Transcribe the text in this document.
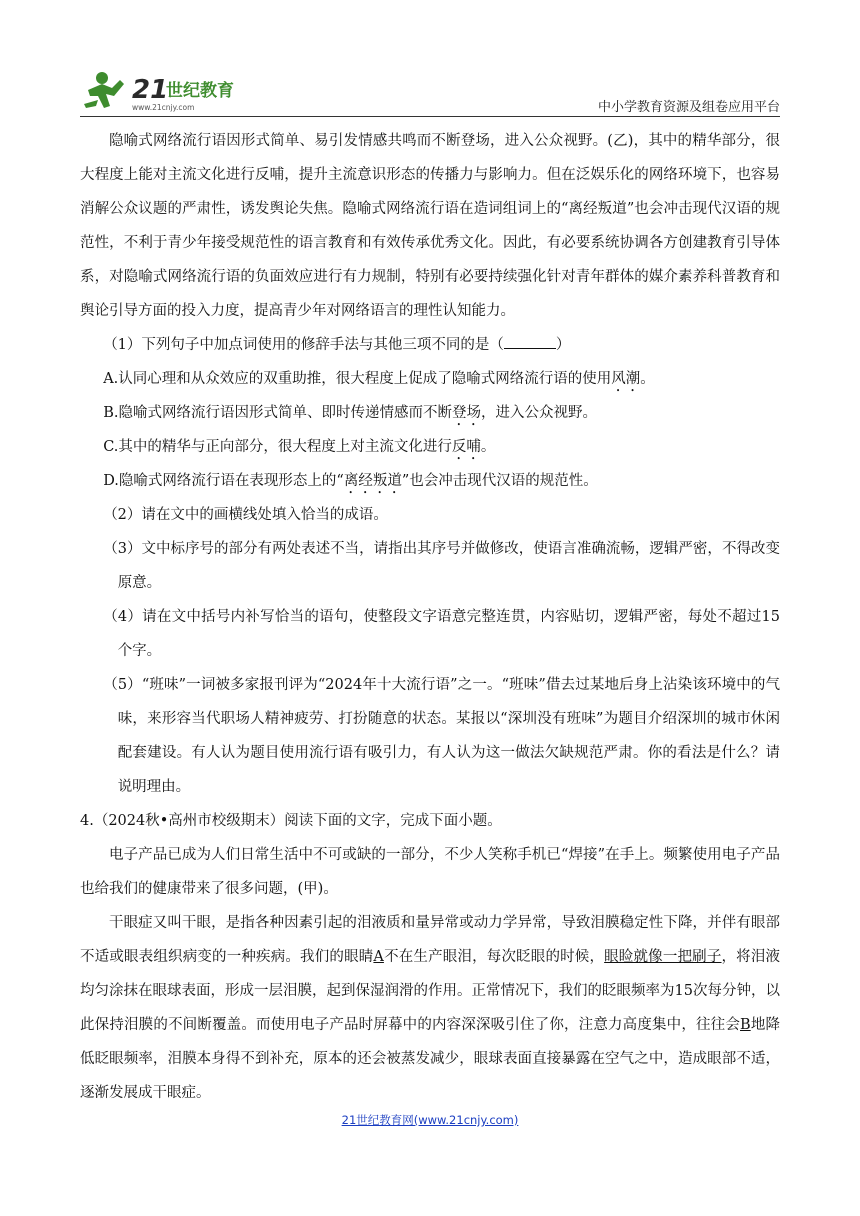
21
世纪教育
www.21cnjy.com	中小学教育资源及组卷应用平台

隐喻式网络流行语因形式简单、易引发情感共鸣而不断登场，进入公众视野。(乙)，其中的精华部分，很大程度上能对主流文化进行反哺，提升主流意识形态的传播力与影响力。但在泛娱乐化的网络环境下，也容易消解公众议题的严肃性，诱发舆论失焦。隐喻式网络流行语在造词组词上的“离经叛道”也会冲击现代汉语的规范性，不利于青少年接受规范性的语言教育和有效传承优秀文化。因此，有必要系统协调各方创建教育引导体系，对隐喻式网络流行语的负面效应进行有力规制，特别有必要持续强化针对青年群体的媒介素养科普教育和舆论引导方面的投入力度，提高青少年对网络语言的理性认知能力。

（1）下列句子中加点词使用的修辞手法与其他三项不同的是（	）

A.认同心理和从众效应的双重助推，很大程度上促成了隐喻式网络流行语的使用风潮。

B.隐喻式网络流行语因形式简单、即时传递情感而不断登场，进入公众视野。

C.其中的精华与正向部分，很大程度上对主流文化进行反哺。

D.隐喻式网络流行语在表现形态上的“离经叛道”也会冲击现代汉语的规范性。

（2）请在文中的画横线处填入恰当的成语。

（3）文中标序号的部分有两处表述不当，请指出其序号并做修改，使语言准确流畅，逻辑严密，不得改变原意。

（4）请在文中括号内补写恰当的语句，使整段文字语意完整连贯，内容贴切，逻辑严密，每处不超过15个字。

（5）“班味”一词被多家报刊评为“2024年十大流行语”之一。“班味”借去过某地后身上沾染该环境中的气味，来形容当代职场人精神疲劳、打扮随意的状态。某报以“深圳没有班味”为题目介绍深圳的城市休闲配套建设。有人认为题目使用流行语有吸引力，有人认为这一做法欠缺规范严肃。你的看法是什么？请说明理由。

4.（2024秋•高州市校级期末）阅读下面的文字，完成下面小题。

电子产品已成为人们日常生活中不可或缺的一部分，不少人笑称手机已“焊接”在手上。频繁使用电子产品也给我们的健康带来了很多问题，(甲)。

干眼症又叫干眼，是指各种因素引起的泪液质和量异常或动力学异常，导致泪膜稳定性下降，并伴有眼部不适或眼表组织病变的一种疾病。我们的眼睛A不在生产眼泪，每次眨眼的时候，眼睑就像一把刷子，将泪液均匀涂抹在眼球表面，形成一层泪膜，起到保湿润滑的作用。正常情况下，我们的眨眼频率为15次每分钟，以此保持泪膜的不间断覆盖。而使用电子产品时屏幕中的内容深深吸引住了你，注意力高度集中，往往会B地降低眨眼频率，泪膜本身得不到补充，原本的还会被蒸发减少，眼球表面直接暴露在空气之中，造成眼部不适，逐渐发展成干眼症。

21世纪教育网(www.21cnjy.com)
